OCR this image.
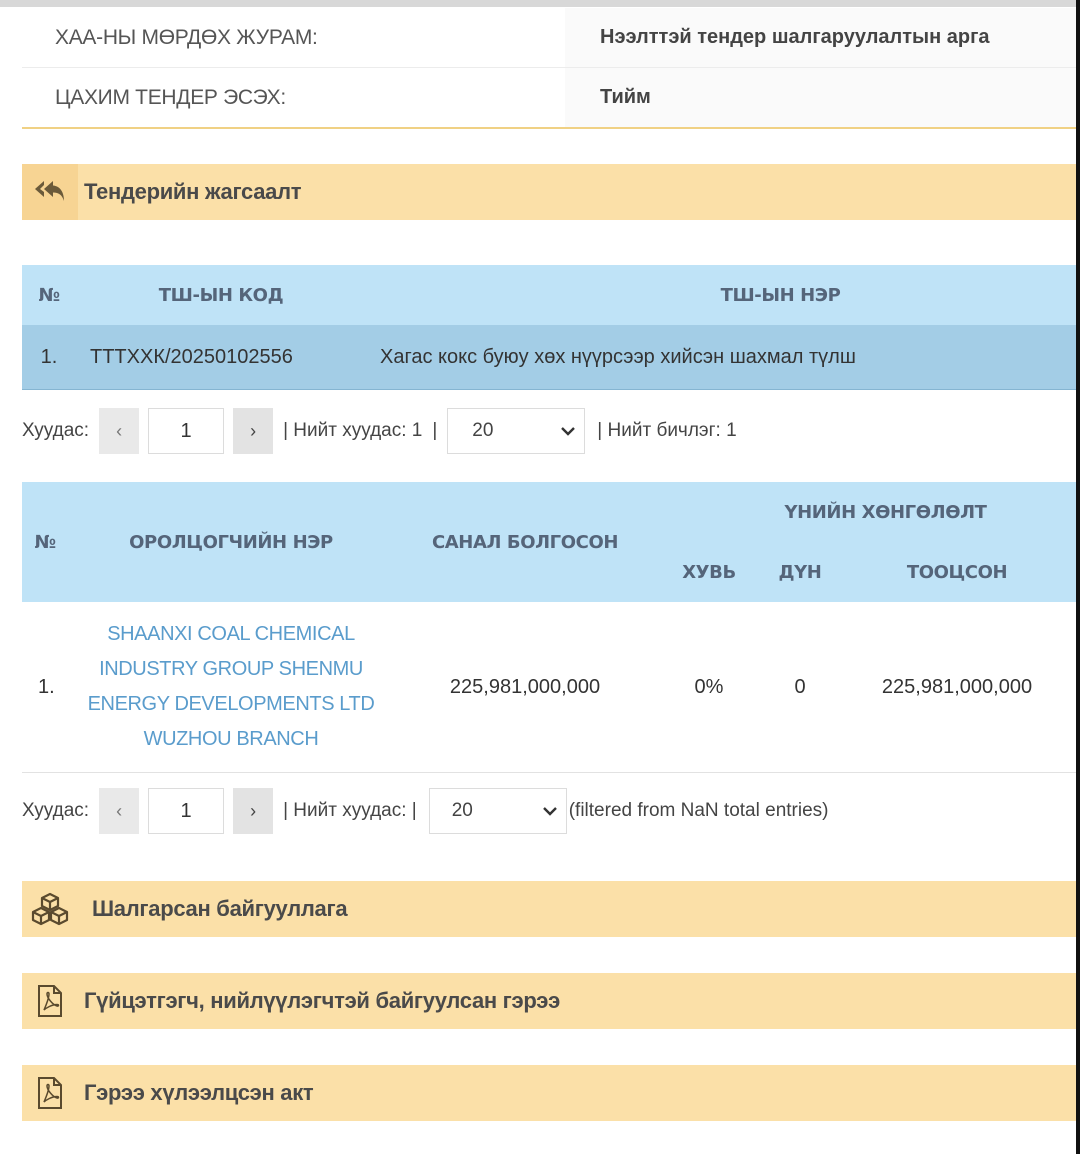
ХАА-НЫ МӨРДӨХ ЖУРАМ:	Нээлттэй тендер шалгаруулалтын арга
ЦАХИМ ТЕНДЕР ЭСЭХ:	Тийм
Тендерийн жагсаалт
№	ТШ-ЫН КОД	ТШ-ЫН НЭР
1.	ТТТХХК/20250102556	Хагас кокс буюу хөх нүүрсээр хийсэн шахмал түлш
Хуудас:	‹	1	›	| Нийт хуудас: 1 | 20	| Нийт бичлэг: 1
№	ОРОЛЦОГЧИЙН НЭР	САНАЛ БОЛГОСОН	ҮНИЙН ХӨНГӨЛӨЛТ		
			ХУВЬ	ДҮН	ТООЦСОН
1.	SHAANXI COAL CHEMICAL
INDUSTRY GROUP SHENMU
ENERGY DEVELOPMENTS LTD
WUZHOU BRANCH	225,981,000,000	0%	0	225,981,000,000
Хуудас:	‹	1	›	| Нийт хуудас: | 20	(filtered from NaN total entries)
Шалгарсан байгууллага
Гүйцэтгэгч, нийлүүлэгчтэй байгуулсан гэрээ
Гэрээ хүлээлцсэн акт
